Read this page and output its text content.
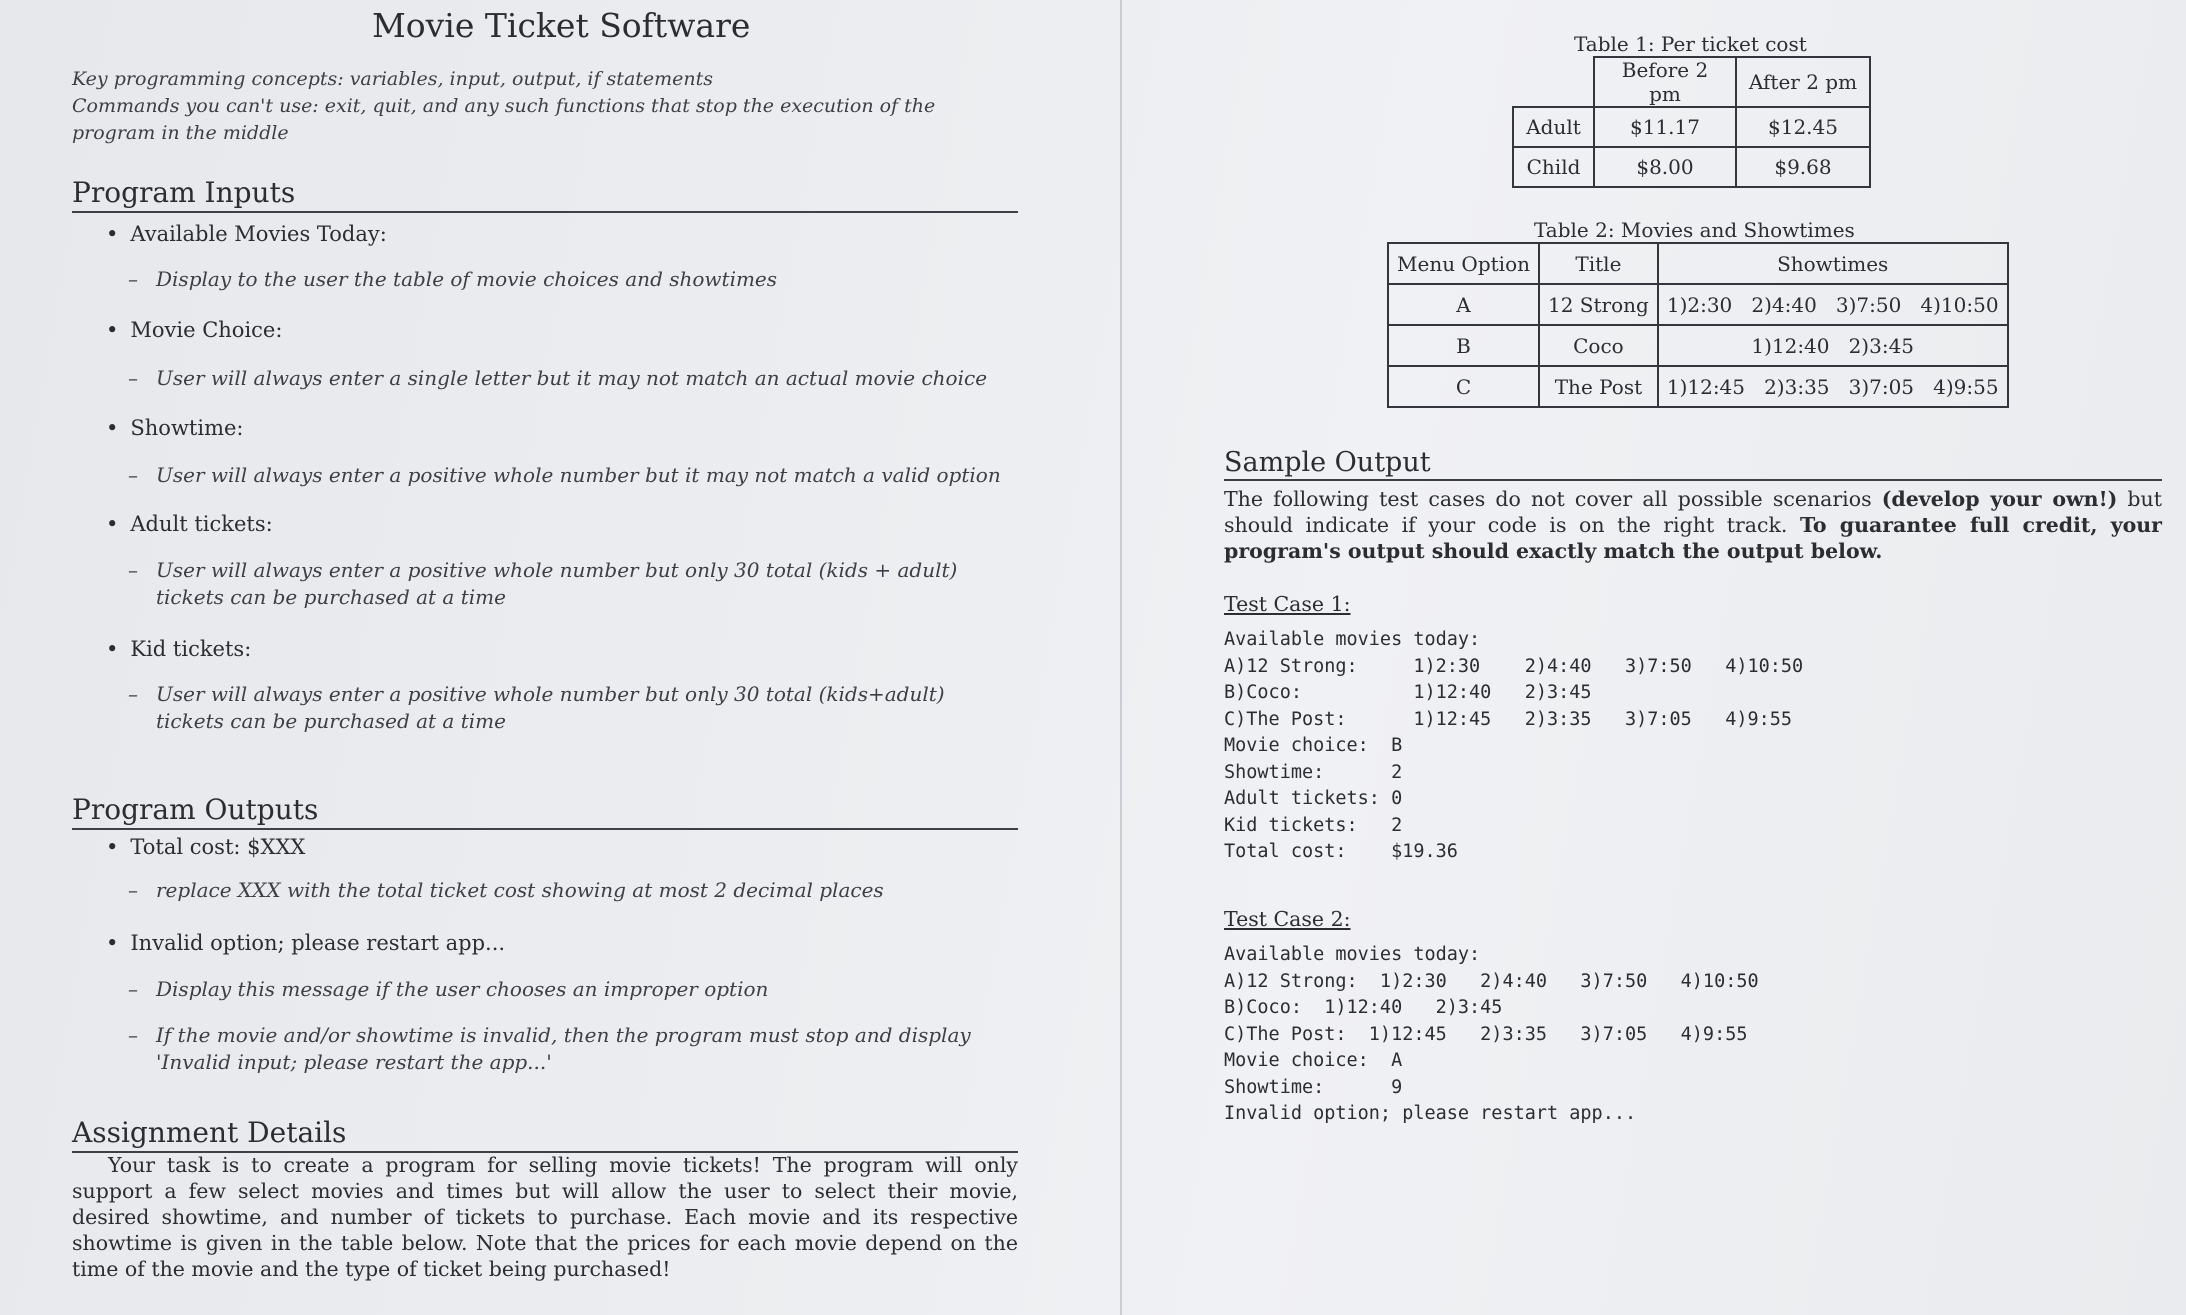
Movie Ticket Software
Key programming concepts: variables, input, output, if statements
Commands you can't use: exit, quit, and any such functions that stop the execution of the program in the middle
Program Inputs
• Available Movies Today:
– Display to the user the table of movie choices and showtimes
• Movie Choice:
– User will always enter a single letter but it may not match an actual movie choice
• Showtime:
– User will always enter a positive whole number but it may not match a valid option
• Adult tickets:
– User will always enter a positive whole number but only 30 total (kids + adult) tickets can be purchased at a time
• Kid tickets:
– User will always enter a positive whole number but only 30 total (kids+adult) tickets can be purchased at a time
Program Outputs
• Total cost: $XXX
– replace XXX with the total ticket cost showing at most 2 decimal places
• Invalid option; please restart app...
– Display this message if the user chooses an improper option
– If the movie and/or showtime is invalid, then the program must stop and display 'Invalid input; please restart the app...'
Assignment Details
Your task is to create a program for selling movie tickets! The program will only support a few select movies and times but will allow the user to select their movie, desired showtime, and number of tickets to purchase. Each movie and its respective showtime is given in the table below. Note that the prices for each movie depend on the time of the movie and the type of ticket being purchased!
Table 1: Per ticket cost
	Before 2 pm	After 2 pm
Adult	$11.17	$12.45
Child	$8.00	$9.68
Table 2: Movies and Showtimes
Menu Option	Title	Showtimes
A	12 Strong	1)2:30   2)4:40   3)7:50   4)10:50
B	Coco	1)12:40   2)3:45
C	The Post	1)12:45   2)3:35   3)7:05   4)9:55
Sample Output
The following test cases do not cover all possible scenarios (develop your own!) but should indicate if your code is on the right track. To guarantee full credit, your program's output should exactly match the output below.
Test Case 1:
Available movies today:
A)12 Strong:     1)2:30    2)4:40   3)7:50   4)10:50
B)Coco:          1)12:40   2)3:45
C)The Post:      1)12:45   2)3:35   3)7:05   4)9:55
Movie choice:  B
Showtime:      2
Adult tickets: 0
Kid tickets:   2
Total cost:    $19.36
Test Case 2:
Available movies today:
A)12 Strong:  1)2:30   2)4:40   3)7:50   4)10:50
B)Coco:  1)12:40   2)3:45
C)The Post:  1)12:45   2)3:35   3)7:05   4)9:55
Movie choice:  A
Showtime:      9
Invalid option; please restart app...
